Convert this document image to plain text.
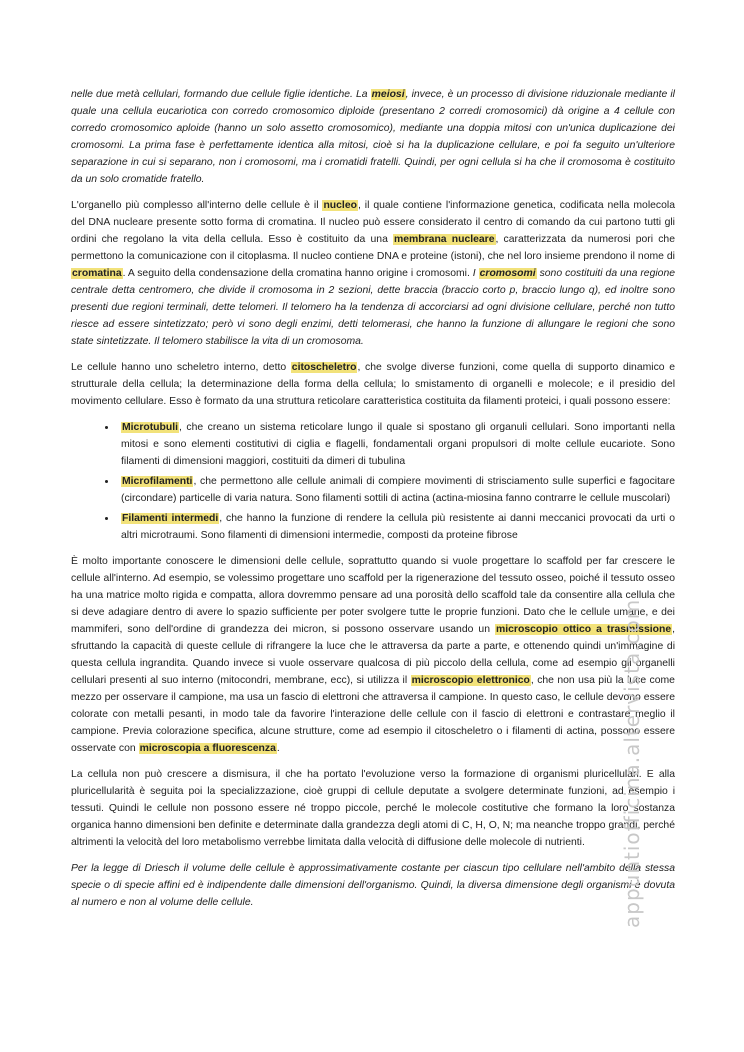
nelle due metà cellulari, formando due cellule figlie identiche. La meiosi, invece, è un processo di divisione riduzionale mediante il quale una cellula eucariotica con corredo cromosomico diploide (presentano 2 corredi cromosomici) dà origine a 4 cellule con corredo cromosomico aploide (hanno un solo assetto cromosomico), mediante una doppia mitosi con un'unica duplicazione dei cromosomi. La prima fase è perfettamente identica alla mitosi, cioè si ha la duplicazione cellulare, e poi fa seguito un'ulteriore separazione in cui si separano, non i cromosomi, ma i cromatidi fratelli. Quindi, per ogni cellula si ha che il cromosoma è costituito da un solo cromatide fratello.

L'organello più complesso all'interno delle cellule è il nucleo, il quale contiene l'informazione genetica, codificata nella molecola del DNA nucleare presente sotto forma di cromatina. Il nucleo può essere considerato il centro di comando da cui partono tutti gli ordini che regolano la vita della cellula. Esso è costituito da una membrana nucleare, caratterizzata da numerosi pori che permettono la comunicazione con il citoplasma. Il nucleo contiene DNA e proteine (istoni), che nel loro insieme prendono il nome di cromatina. A seguito della condensazione della cromatina hanno origine i cromosomi. I cromosomi sono costituiti da una regione centrale detta centromero, che divide il cromosoma in 2 sezioni, dette braccia (braccio corto p, braccio lungo q), ed inoltre sono presenti due regioni terminali, dette telomeri. Il telomero ha la tendenza di accorciarsi ad ogni divisione cellulare, perché non tutto riesce ad essere sintetizzato; però vi sono degli enzimi, detti telomerasi, che hanno la funzione di allungare le regioni che sono state sintetizzate. Il telomero stabilisce la vita di un cromosoma.

Le cellule hanno uno scheletro interno, detto citoscheletro, che svolge diverse funzioni, come quella di supporto dinamico e strutturale della cellula; la determinazione della forma della cellula; lo smistamento di organelli e molecole; e il presidio del movimento cellulare. Esso è formato da una struttura reticolare caratteristica costituita da filamenti proteici, i quali possono essere:

• Microtubuli, che creano un sistema reticolare lungo il quale si spostano gli organuli cellulari. Sono importanti nella mitosi e sono elementi costitutivi di ciglia e flagelli, fondamentali organi propulsori di molte cellule eucariote. Sono filamenti di dimensioni maggiori, costituiti da dimeri di tubulina
• Microfilamenti, che permettono alle cellule animali di compiere movimenti di strisciamento sulle superfici e fagocitare (circondare) particelle di varia natura. Sono filamenti sottili di actina (actina-miosina fanno contrarre le cellule muscolari)
• Filamenti intermedi, che hanno la funzione di rendere la cellula più resistente ai danni meccanici provocati da urti o altri microtraumi. Sono filamenti di dimensioni intermedie, composti da proteine fibrose

È molto importante conoscere le dimensioni delle cellule, soprattutto quando si vuole progettare lo scaffold per far crescere le cellule all'interno. Ad esempio, se volessimo progettare uno scaffold per la rigenerazione del tessuto osseo, poiché il tessuto osseo ha una matrice molto rigida e compatta, allora dovremmo pensare ad una porosità dello scaffold tale da consentire alla cellula che si deve adagiare dentro di avere lo spazio sufficiente per poter svolgere tutte le proprie funzioni. Dato che le cellule umane, e dei mammiferi, sono dell'ordine di grandezza dei micron, si possono osservare usando un microscopio ottico a trasmissione, sfruttando la capacità di queste cellule di rifrangere la luce che le attraversa da parte a parte, e ottenendo quindi un'immagine di questa cellula ingrandita. Quando invece si vuole osservare qualcosa di più piccolo della cellula, come ad esempio gli organelli cellulari presenti al suo interno (mitocondri, membrane, ecc), si utilizza il microscopio elettronico, che non usa più la luce come mezzo per osservare il campione, ma usa un fascio di elettroni che attraversa il campione. In questo caso, le cellule devono essere colorate con metalli pesanti, in modo tale da favorire l'interazione delle cellule con il fascio di elettroni e contrastare meglio il campione. Previa colorazione specifica, alcune strutture, come ad esempio il citoscheletro o i filamenti di actina, possono essere osservate con microscopia a fluorescenza.

La cellula non può crescere a dismisura, il che ha portato l'evoluzione verso la formazione di organismi pluricellulari. E alla pluricellularità è seguita poi la specializzazione, cioè gruppi di cellule deputate a svolgere determinate funzioni, ad esempio i tessuti. Quindi le cellule non possono essere né troppo piccole, perché le molecole costitutive che formano la loro sostanza organica hanno dimensioni ben definite e determinate dalla grandezza degli atomi di C, H, O, N; ma neanche troppo grandi, perché altrimenti la velocità del loro metabolismo verrebbe limitata dalla velocità di diffusione delle molecole di nutrienti.

Per la legge di Driesch il volume delle cellule è approssimativamente costante per ciascun tipo cellulare nell'ambito della stessa specie o di specie affini ed è indipendente dalle dimensioni dell'organismo. Quindi, la diversa dimensione degli organismi è dovuta al numero e non al volume delle cellule.	appuntiofficina.altervista.com
